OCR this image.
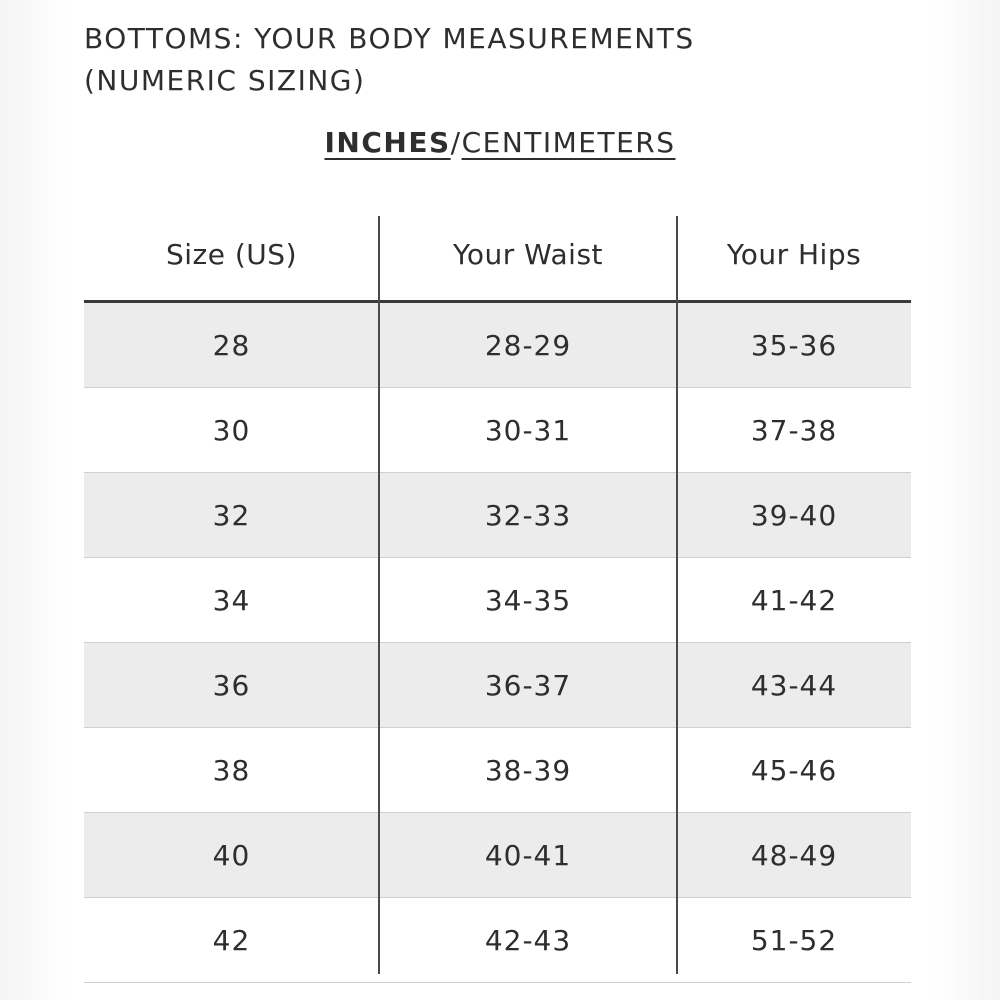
BOTTOMS: YOUR BODY MEASUREMENTS
(NUMERIC SIZING)
INCHES/CENTIMETERS
Size (US)	Your Waist	Your Hips
28	28-29	35-36
30	30-31	37-38
32	32-33	39-40
34	34-35	41-42
36	36-37	43-44
38	38-39	45-46
40	40-41	48-49
42	42-43	51-52
